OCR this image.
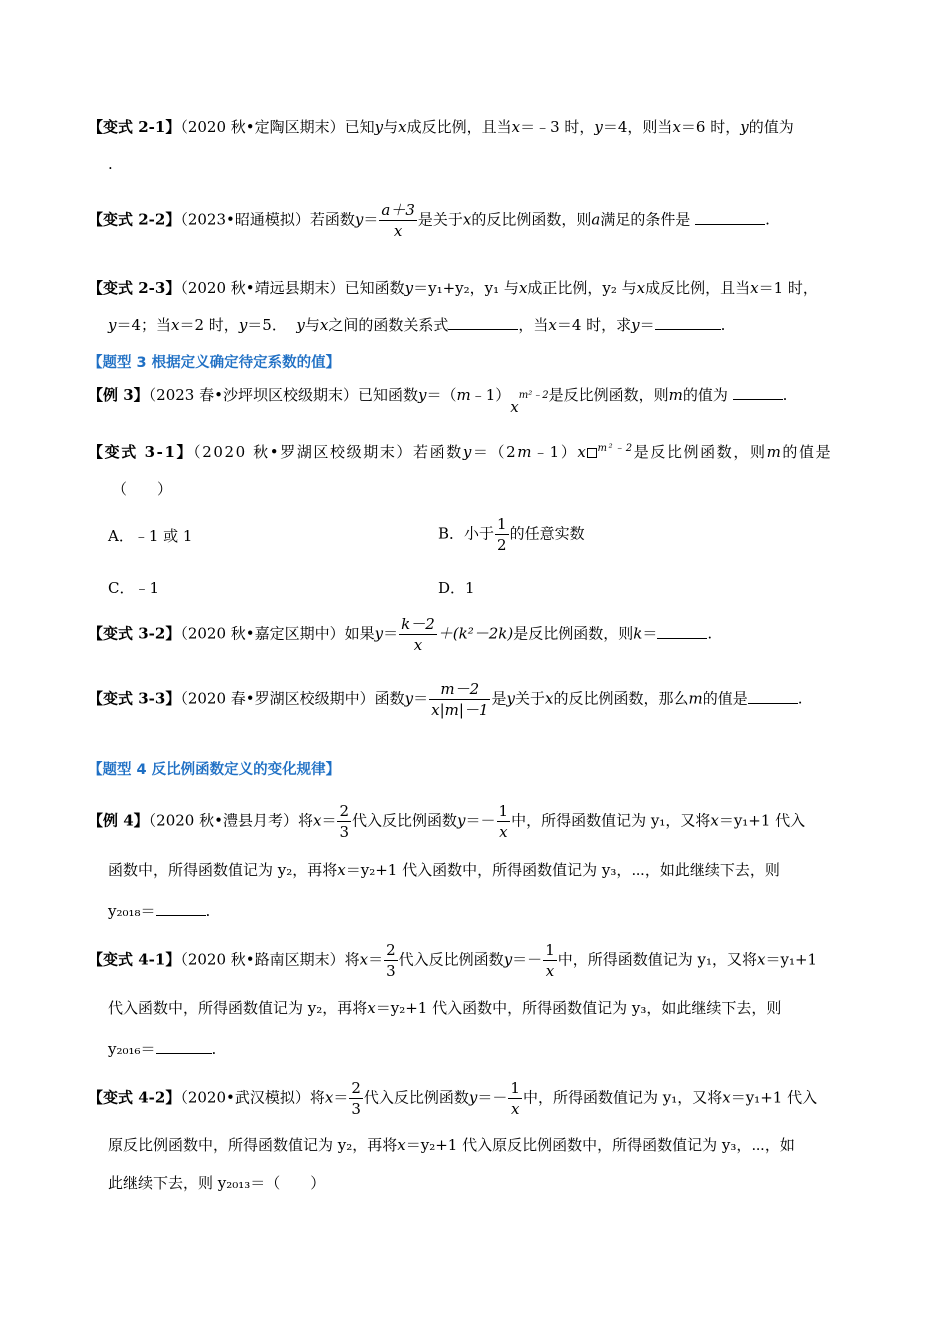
【变式 2-1】（2020 秋•定陶区期末）已知y与x成反比例，且当x＝﹣3 时，y＝4，则当x＝6 时，y的值为
.
【变式 2-2】（2023•昭通模拟）若函数$y= \frac{a+3}{x}$ 是关于x的反比例函数，则a满足的条件是	.
【变式 2-3】（2020 秋•靖远县期末）已知函数y＝y₁+y₂，y₁ 与x成正比例，y₂ 与x成反比例，且当x＝1 时，
y＝4；当x＝2 时，y＝5． y与x之间的函数关系式	，当x＝4 时，求y＝	.
【题型 3 根据定义确定待定系数的值】
【例 3】（2023 春•沙坪坝区校级期末）已知函数$y=(m﹣1)x^{m^2﹣2}$是反比例函数，则m的值为	.
【变式 3-1】（2020 秋•罗湖区校级期末）若函数y＝（2m﹣1）x $^{m^2﹣2}$是反比例函数，则m的值是
（　　）
A．﹣1 或 1	B．小于 $\frac{1}{2}$ 的任意实数
C．﹣1	D．1
【变式 3-2】（2020 秋•嘉定区期中）如果$y= \frac{k-2}{x} +(k^2-2k)$是反比例函数，则k＝	.
【变式 3-3】（2020 春•罗湖区校级期中）函数$y= \frac{m-2}{x|m|-1}$ 是y关于x的反比例函数，那么m的值是	.
【题型 4 反比例函数定义的变化规律】
【例 4】（2020 秋•澧县月考）将$x= \frac{2}{3}$ 代入反比例函数$y=- \frac{1}{x}$ 中，所得函数值记为 y₁，又将x＝y₁+1 代入
函数中，所得函数值记为 y₂，再将x＝y₂+1 代入函数中，所得函数值记为 y₃，⋯，如此继续下去，则
y₂₀₁₈＝	.
【变式 4-1】（2020 秋•路南区期末）将$x= \frac{2}{3}$ 代入反比例函数$y=- \frac{1}{x}$ 中，所得函数值记为 y₁，又将x＝y₁+1
代入函数中，所得函数值记为 y₂，再将x＝y₂+1 代入函数中，所得函数值记为 y₃，如此继续下去，则
y₂₀₁₆＝	.
【变式 4-2】（2020•武汉模拟）将$x= \frac{2}{3}$ 代入反比例函数$y=- \frac{1}{x}$ 中，所得函数值记为 y₁，又将x＝y₁+1 代入
原反比例函数中，所得函数值记为 y₂，再将x＝y₂+1 代入原反比例函数中，所得函数值记为 y₃，⋯，如
此继续下去，则 y₂₀₁₃＝（　　）
